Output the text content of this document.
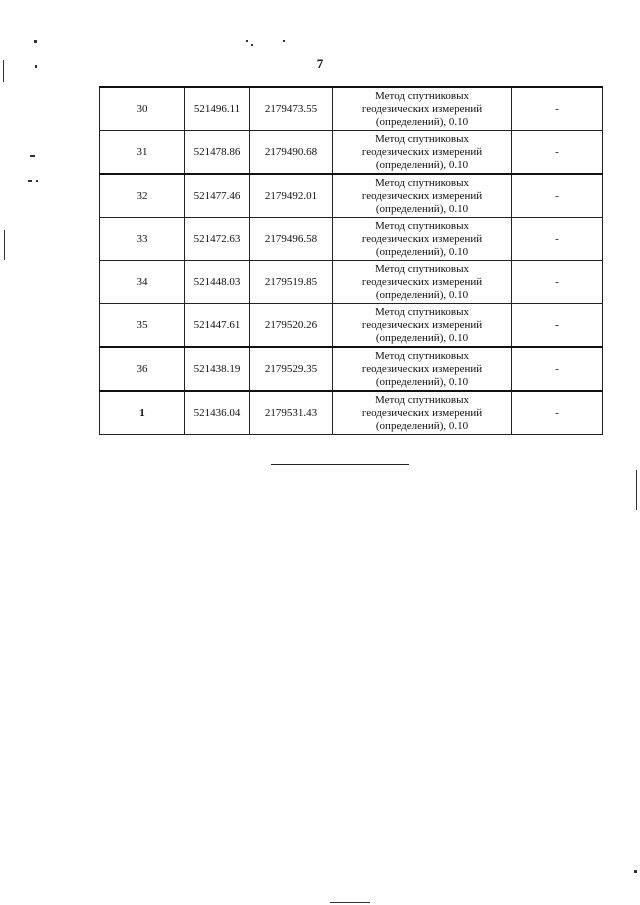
7
30	521496.11	2179473.55	Метод спутниковых
геодезических измерений
(определений), 0.10	-
31	521478.86	2179490.68	Метод спутниковых
геодезических измерений
(определений), 0.10	-
32	521477.46	2179492.01	Метод спутниковых
геодезических измерений
(определений), 0.10	-
33	521472.63	2179496.58	Метод спутниковых
геодезических измерений
(определений), 0.10	-
34	521448.03	2179519.85	Метод спутниковых
геодезических измерений
(определений), 0.10	-
35	521447.61	2179520.26	Метод спутниковых
геодезических измерений
(определений), 0.10	-
36	521438.19	2179529.35	Метод спутниковых
геодезических измерений
(определений), 0.10	-
1	521436.04	2179531.43	Метод спутниковых
геодезических измерений
(определений), 0.10	-
